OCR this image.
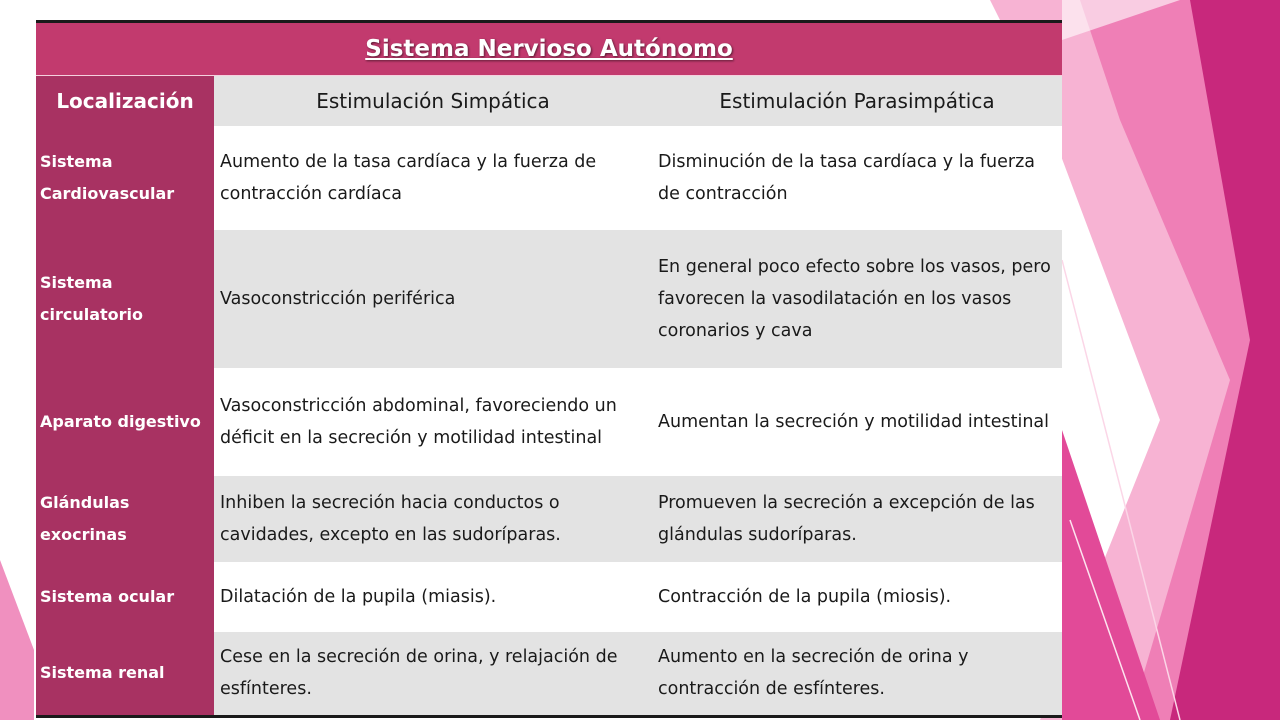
Sistema Nervioso Autónomo		
Localización	Estimulación Simpática	Estimulación Parasimpática
Sistema Cardiovascular	Aumento de la tasa cardíaca y la fuerza de contracción cardíaca	Disminución de la tasa cardíaca y la fuerza de contracción
Sistema circulatorio	Vasoconstricción periférica	En general poco efecto sobre los vasos, pero favorecen la vasodilatación en los vasos coronarios y cava
Aparato digestivo	Vasoconstricción abdominal, favoreciendo un déficit en la secreción y motilidad intestinal	Aumentan la secreción y motilidad intestinal
Glándulas exocrinas	Inhiben la secreción hacia conductos o cavidades, excepto en las sudoríparas.	Promueven la secreción a excepción de las glándulas sudoríparas.
Sistema ocular	Dilatación de la pupila (miasis).	Contracción de la pupila (miosis).
Sistema renal	Cese en la secreción de orina, y relajación de esfínteres.	Aumento en la secreción de orina y contracción de esfínteres.
